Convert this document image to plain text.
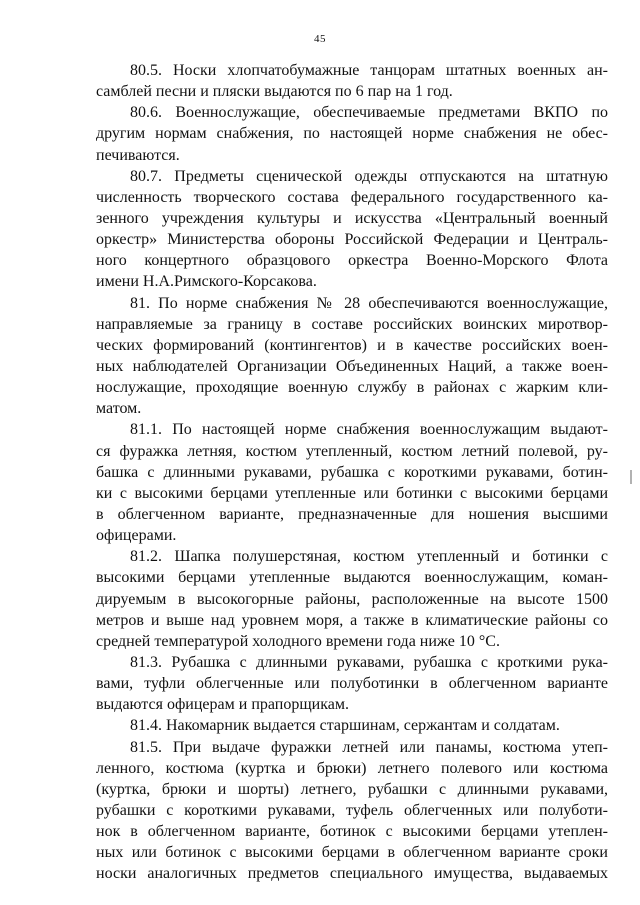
45
80.5. Носки хлопчатобумажные танцорам штатных военных ан-
самблей песни и пляски выдаются по 6 пар на 1 год.
80.6. Военнослужащие, обеспечиваемые предметами ВКПО по
другим нормам снабжения, по настоящей норме снабжения не обес-
печиваются.
80.7. Предметы сценической одежды отпускаются на штатную
численность творческого состава федерального государственного ка-
зенного учреждения культуры и искусства «Центральный военный
оркестр» Министерства обороны Российской Федерации и Централь-
ного концертного образцового оркестра Военно-Морского Флота
имени Н.А.Римского-Корсакова.
81. По норме снабжения № 28 обеспечиваются военнослужащие,
направляемые за границу в составе российских воинских миротвор-
ческих формирований (контингентов) и в качестве российских воен-
ных наблюдателей Организации Объединенных Наций, а также воен-
нослужащие, проходящие военную службу в районах с жарким кли-
матом.
81.1. По настоящей норме снабжения военнослужащим выдают-
ся фуражка летняя, костюм утепленный, костюм летний полевой, ру-
башка с длинными рукавами, рубашка с короткими рукавами, ботин-
ки с высокими берцами утепленные или ботинки с высокими берцами
в облегченном варианте, предназначенные для ношения высшими
офицерами.
81.2. Шапка полушерстяная, костюм утепленный и ботинки с
высокими берцами утепленные выдаются военнослужащим, коман-
дируемым в высокогорные районы, расположенные на высоте 1500
метров и выше над уровнем моря, а также в климатические районы со
средней температурой холодного времени года ниже 10 °С.
81.3. Рубашка с длинными рукавами, рубашка с кроткими рука-
вами, туфли облегченные или полуботинки в облегченном варианте
выдаются офицерам и прапорщикам.
81.4. Накомарник выдается старшинам, сержантам и солдатам.
81.5. При выдаче фуражки летней или панамы, костюма утеп-
ленного, костюма (куртка и брюки) летнего полевого или костюма
(куртка, брюки и шорты) летнего, рубашки с длинными рукавами,
рубашки с короткими рукавами, туфель облегченных или полуботи-
нок в облегченном варианте, ботинок с высокими берцами утеплен-
ных или ботинок с высокими берцами в облегченном варианте сроки
носки аналогичных предметов специального имущества, выдаваемых
